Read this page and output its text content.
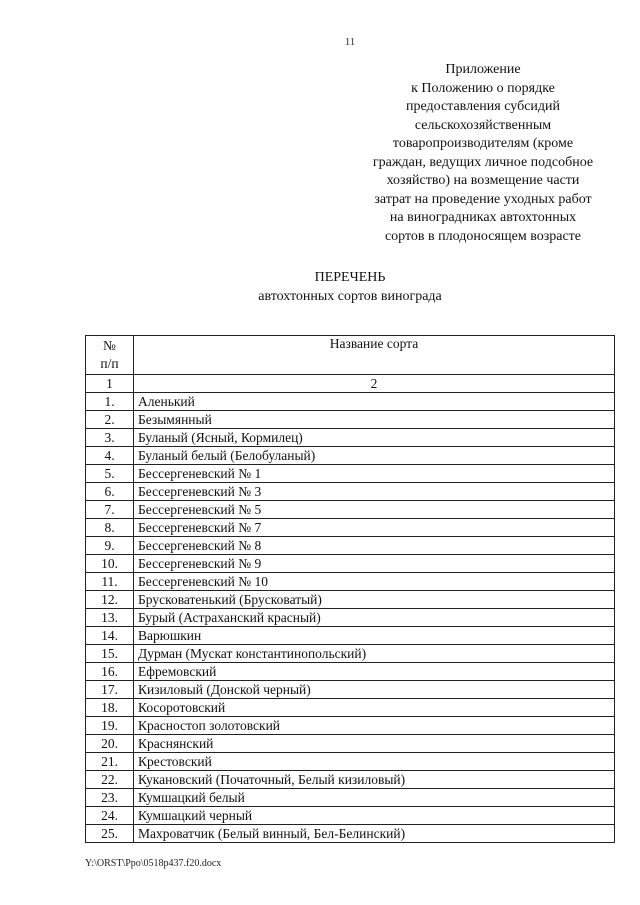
11
Приложение
к Положению о порядке
предоставления субсидий
сельскохозяйственным
товаропроизводителям (кроме
граждан, ведущих личное подсобное
хозяйство) на возмещение части
затрат на проведение уходных работ
на виноградниках автохтонных
сортов в плодоносящем возрасте
ПЕРЕЧЕНЬ
автохтонных сортов винограда
№
п/п	Название сорта
1	2
1.	Аленький
2.	Безымянный
3.	Буланый (Ясный, Кормилец)
4.	Буланый белый (Белобуланый)
5.	Бессергеневский № 1
6.	Бессергеневский № 3
7.	Бессергеневский № 5
8.	Бессергеневский № 7
9.	Бессергеневский № 8
10.	Бессергеневский № 9
11.	Бессергеневский № 10
12.	Брусковатенький (Брусковатый)
13.	Бурый (Астраханский красный)
14.	Варюшкин
15.	Дурман (Мускат константинопольский)
16.	Ефремовский
17.	Кизиловый (Донской черный)
18.	Косоротовский
19.	Красностоп золотовский
20.	Краснянский
21.	Крестовский
22.	Кукановский (Початочный, Белый кизиловый)
23.	Кумшацкий белый
24.	Кумшацкий черный
25.	Махроватчик (Белый винный, Бел-Белинский)
Y:\ORST\Ppo\0518p437.f20.docx
